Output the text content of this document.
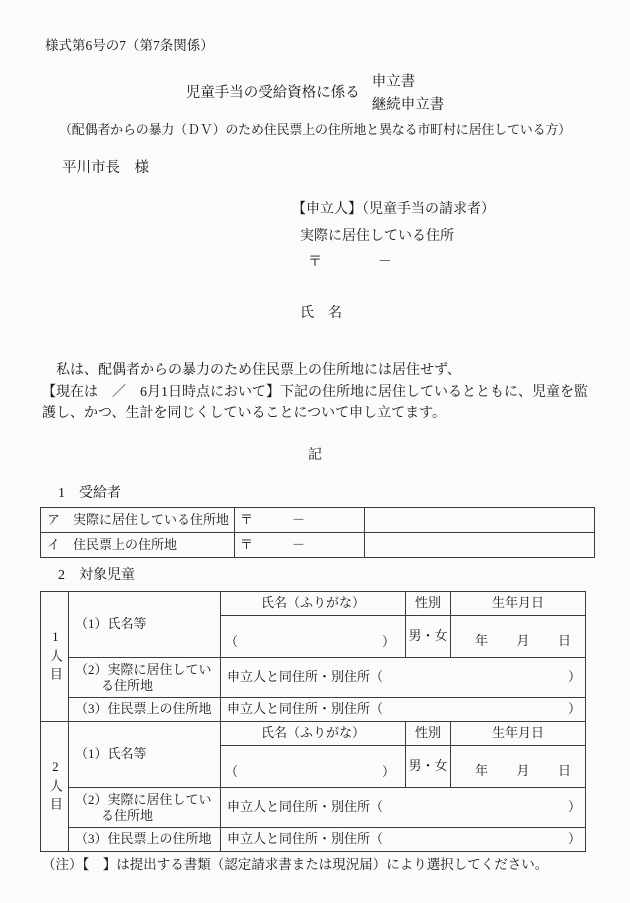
様式第6号の7（第7条関係）
児童手当の受給資格に係る
申立書
継続申立書
（配偶者からの暴力（ＤＶ）のため住民票上の住所地と異なる市町村に居住している方）
平川市長　様
【申立人】（児童手当の請求者）
実際に居住している住所
〒　　　　－
氏　名
　私は、配偶者からの暴力のため住民票上の住所地には居住せず、
【現在は　／　6月1日時点において】下記の住所地に居住しているとともに、児童を監
護し、かつ、生計を同じくしていることについて申し立てます。
記
1　受給者
ア　実際に居住している住所地	〒　　　－	
イ　住民票上の住所地	〒　　　－	
2　対象児童
1人目	（1）氏名等	氏名（ふりがな）	性別	生年月日

		（ ）	男・女	年 月 日

	（2）実際に居住している住所地	申立人と同住所・別住所（ ）		

	（3）住民票上の住所地	申立人と同住所・別住所（ ）		

2人目	（1）氏名等	氏名（ふりがな）	性別	生年月日

		（ ）	男・女	年 月 日

	（2）実際に居住している住所地	申立人と同住所・別住所（ ）		

	（3）住民票上の住所地	申立人と同住所・別住所（ ）		
（注）【　】は提出する書類（認定請求書または現況届）により選択してください。
